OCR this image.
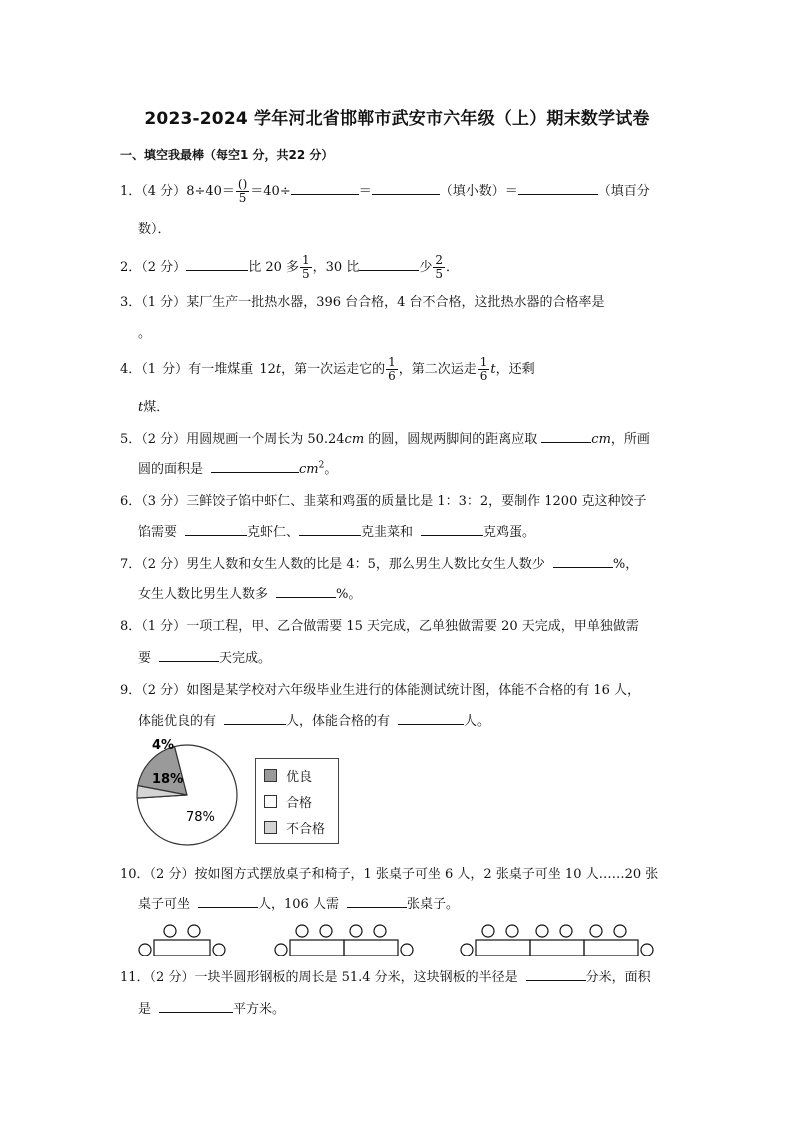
2023-2024 学年河北省邯郸市武安市六年级（上）期末数学试卷
一、填空我最棒（每空1 分，共22 分）
1．（4 分）$8\div 40= \frac{()}{5} =40\div$	＝	（填小数）＝	（填百分
数）．
2．（2 分）	比 20 多 $\frac{1}{5}$ ，30 比	少 $\frac{2}{5}$ ．
3．（1 分）某厂生产一批热水器，396 台合格，4 台不合格，这批热水器的合格率是
。
4．（1 分）有一堆煤重 12t，第一次运走它的 $\frac{1}{6}$ ，第二次运走 $\frac{1}{6}$ t，还剩
t煤．
5．（2 分）用圆规画一个周长为 50.24cm 的圆，圆规两脚间的距离应取	cm，所画
圆的面积是	$cm^2$。
6．（3 分）三鲜饺子馅中虾仁、韭菜和鸡蛋的质量比是 1：3：2，要制作 1200 克这种饺子
馅需要	克虾仁、	克韭菜和	克鸡蛋。
7．（2 分）男生人数和女生人数的比是 4：5，那么男生人数比女生人数少	%，
女生人数比男生人数多	%。
8．（1 分）一项工程，甲、乙合做需要 15 天完成，乙单独做需要 20 天完成，甲单独做需
要	天完成。
9．（2 分）如图是某学校对六年级毕业生进行的体能测试统计图，体能不合格的有 16 人，
体能优良的有	人，体能合格的有	人。
18%
78%
4%
优良
合格
不合格
10．（2 分）按如图方式摆放桌子和椅子，1 张桌子可坐 6 人，2 张桌子可坐 10 人……20 张
桌子可坐	人，106 人需	张桌子。
11．（2 分）一块半圆形钢板的周长是 51.4 分米，这块钢板的半径是	分米，面积
是	平方米。
